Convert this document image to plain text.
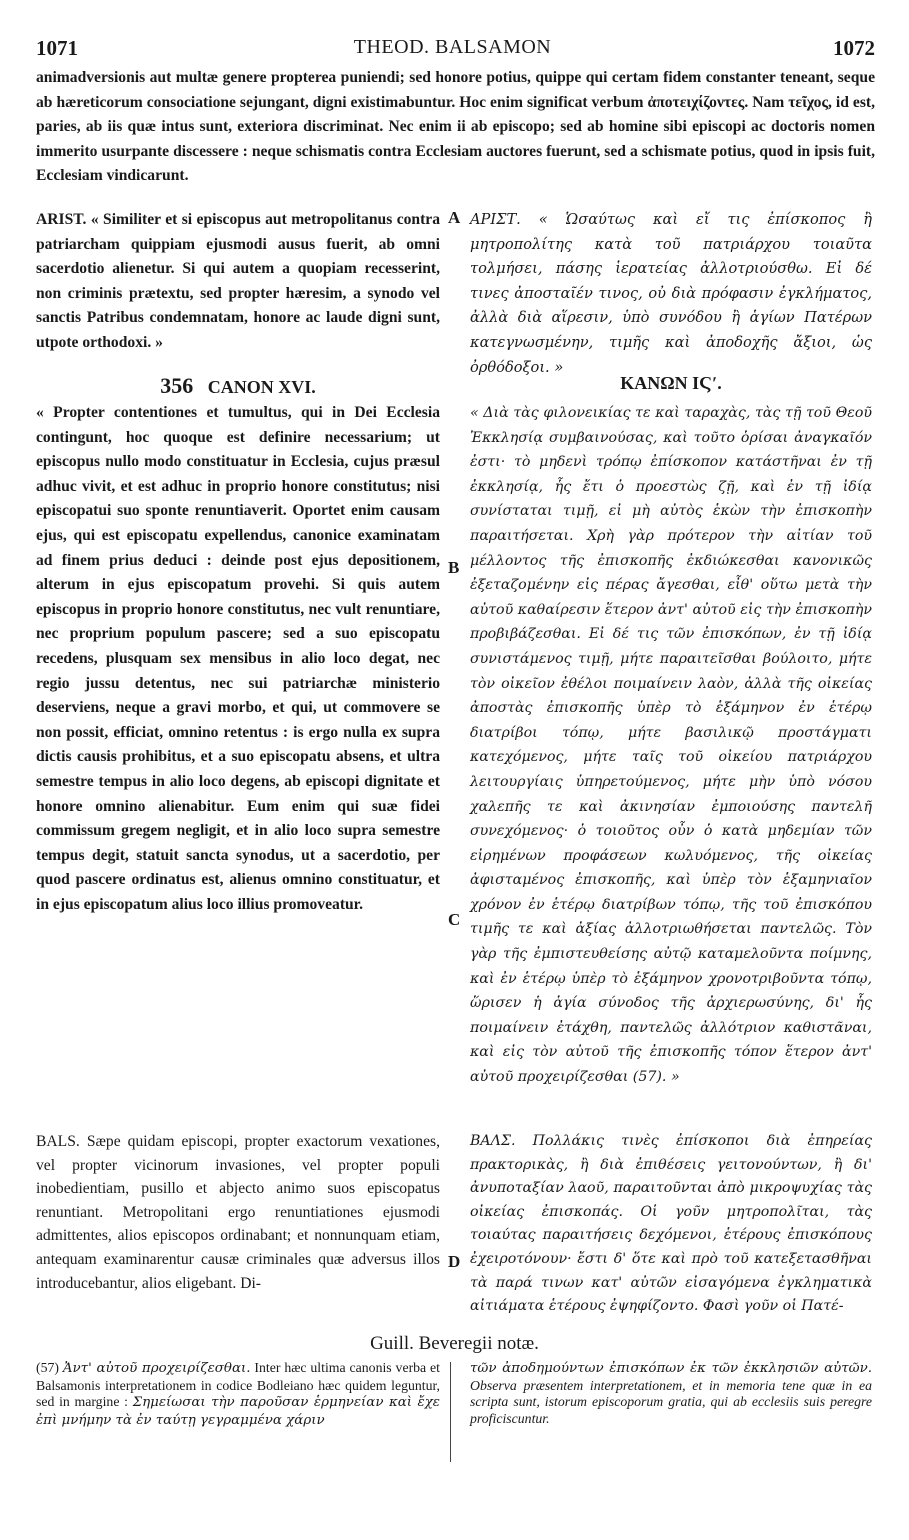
1071	THEOD. BALSAMON	1072
animadversionis aut multæ genere propterea puniendi; sed honore potius, quippe qui certam fidem constanter teneant, seque ab hæreticorum consociatione sejungant, digni existimabuntur. Hoc enim significat verbum ἀποτειχίζοντες. Nam τεῖχος, id est, paries, ab iis quæ intus sunt, exteriora discriminat. Nec enim ii ab episcopo; sed ab homine sibi episcopi ac doctoris nomen immerito usurpante discessere : neque schismatis contra Ecclesiam auctores fuerunt, sed a schismate potius, quod in ipsis fuit, Ecclesiam vindicarunt.

ARIST. « Similiter et si episcopus aut metropolitanus contra patriarcham quippiam ejusmodi ausus fuerit, ab omni sacerdotio alienetur. Si qui autem a quopiam recesserint, non criminis prætextu, sed propter hæresim, a synodo vel sanctis Patribus condemnatam, honore ac laude digni sunt, utpote orthodoxi. »

ΑΡΙΣΤ. « Ὡσαύτως καὶ εἴ τις ἐπίσκοπος ἢ μητροπολίτης κατὰ τοῦ πατριάρχου τοιαῦτα τολμήσει, πάσης ἱερατείας ἀλλοτριούσθω. Εἰ δέ τινες ἀποσταῖέν τινος, οὐ διὰ πρόφασιν ἐγκλήματος, ἀλλὰ διὰ αἵρεσιν, ὑπὸ συνόδου ἢ ἁγίων Πατέρων κατεγνωσμένην, τιμῆς καὶ ἀποδοχῆς ἄξιοι, ὡς ὀρθόδοξοι. »

A
356 CANON XVI.	ΚΑΝΩΝ ΙϚʹ.

« Propter contentiones et tumultus, qui in Dei Ecclesia contingunt, hoc quoque est definire necessarium; ut episcopus nullo modo constituatur in Ecclesia, cujus præsul adhuc vivit, et est adhuc in proprio honore constitutus; nisi episcopatui suo sponte renuntiaverit. Oportet enim causam ejus, qui est episcopatu expellendus, canonice examinatam ad finem prius deduci : deinde post ejus depositionem, alterum in ejus episcopatum provehi. Si quis autem episcopus in proprio honore constitutus, nec vult renuntiare, nec proprium populum pascere; sed a suo episcopatu recedens, plusquam sex mensibus in alio loco degat, nec regio jussu detentus, nec sui patriarchæ ministerio deserviens, neque a gravi morbo, et qui, ut commovere se non possit, efficiat, omnino retentus : is ergo nulla ex supra dictis causis prohibitus, et a suo episcopatu absens, et ultra semestre tempus in alio loco degens, ab episcopi dignitate et honore omnino alienabitur. Eum enim qui suæ fidei commissum gregem negligit, et in alio loco supra semestre tempus degit, statuit sancta synodus, ut a sacerdotio, per quod pascere ordinatus est, alienus omnino constituatur, et in ejus episcopatum alius loco illius promoveatur.

« Διὰ τὰς φιλονεικίας τε καὶ ταραχὰς, τὰς τῇ τοῦ Θεοῦ Ἐκκλησίᾳ συμβαινούσας, καὶ τοῦτο ὁρίσαι ἀναγκαῖόν ἐστι· τὸ μηδενὶ τρόπῳ ἐπίσκοπον κατάστῆναι ἐν τῇ ἐκκλησίᾳ, ἧς ἔτι ὁ προεστὼς ζῇ, καὶ ἐν τῇ ἰδίᾳ συνίσταται τιμῇ, εἰ μὴ αὐτὸς ἑκὼν τὴν ἐπισκοπὴν παραιτήσεται. Χρὴ γὰρ πρότερον τὴν αἰτίαν τοῦ μέλλοντος τῆς ἐπισκοπῆς ἐκδιώκεσθαι κανονικῶς ἐξεταζομένην εἰς πέρας ἄγεσθαι, εἶθ' οὕτω μετὰ τὴν αὐτοῦ καθαίρεσιν ἕτερον ἀντ' αὐτοῦ εἰς τὴν ἐπισκοπὴν προβιβάζεσθαι. Εἰ δέ τις τῶν ἐπισκόπων, ἐν τῇ ἰδίᾳ συνιστάμενος τιμῇ, μήτε παραιτεῖσθαι βούλοιτο, μήτε τὸν οἰκεῖον ἐθέλοι ποιμαίνειν λαὸν, ἀλλὰ τῆς οἰκείας ἀποστὰς ἐπισκοπῆς ὑπὲρ τὸ ἑξάμηνον ἐν ἑτέρῳ διατρίβοι τόπῳ, μήτε βασιλικῷ προστάγματι κατεχόμενος, μήτε ταῖς τοῦ οἰκείου πατριάρχου λειτουργίαις ὑπηρετούμενος, μήτε μὴν ὑπὸ νόσου χαλεπῆς τε καὶ ἀκινησίαν ἐμποιούσης παντελῆ συνεχόμενος· ὁ τοιοῦτος οὖν ὁ κατὰ μηδεμίαν τῶν εἰρημένων προφάσεων κωλυόμενος, τῆς οἰκείας ἀφισταμένος ἐπισκοπῆς, καὶ ὑπὲρ τὸν ἑξαμηνιαῖον χρόνον ἐν ἑτέρῳ διατρίβων τόπῳ, τῆς τοῦ ἐπισκόπου τιμῆς τε καὶ ἀξίας ἀλλοτριωθήσεται παντελῶς. Τὸν γὰρ τῆς ἐμπιστευθείσης αὐτῷ καταμελοῦντα ποίμνης, καὶ ἐν ἑτέρῳ ὑπὲρ τὸ ἑξάμηνον χρονοτριβοῦντα τόπῳ, ὥρισεν ἡ ἁγία σύνοδος τῆς ἀρχιερωσύνης, δι' ἧς ποιμαίνειν ἐτάχθη, παντελῶς ἀλλότριον καθιστᾶναι, καὶ εἰς τὸν αὐτοῦ τῆς ἐπισκοπῆς τόπον ἕτερον ἀντ' αὐτοῦ προχειρίζεσθαι (57). »

B
C

BALS. Sæpe quidam episcopi, propter exactorum vexationes, vel propter vicinorum invasiones, vel propter populi inobedientiam, pusillo et abjecto animo suos episcopatus renuntiant. Metropolitani ergo renuntiationes ejusmodi admittentes, alios episcopos ordinabant; et nonnunquam etiam, antequam examinarentur causæ criminales quæ adversus illos introducebantur, alios eligebant. Di-

ΒΑΛΣ. Πολλάκις τινὲς ἐπίσκοποι διὰ ἐπηρείας πρακτορικὰς, ἢ διὰ ἐπιθέσεις γειτονούντων, ἢ δι' ἀνυποταξίαν λαοῦ, παραιτοῦνται ἀπὸ μικροψυχίας τὰς οἰκείας ἐπισκοπάς. Οἱ γοῦν μητροπολῖται, τὰς τοιαύτας παραιτήσεις δεχόμενοι, ἑτέρους ἐπισκόπους ἐχειροτόνουν· ἔστι δ' ὅτε καὶ πρὸ τοῦ κατεξετασθῆναι τὰ παρά τινων κατ' αὐτῶν εἰσαγόμενα ἐγκληματικὰ αἰτιάματα ἑτέρους ἐψηφίζοντο. Φασὶ γοῦν οἱ Πατέ-

D
Guill. Beveregii notæ.
(57) Ἀντ' αὐτοῦ προχειρίζεσθαι. Inter hæc ultima canonis verba et Balsamonis interpretationem in codice Bodleiano hæc quidem leguntur, sed in margine : Σημείωσαι τὴν παροῦσαν ἑρμηνείαν καὶ ἔχε ἐπὶ μνήμην τὰ ἐν ταύτῃ γεγραμμένα χάριν
τῶν ἀποδημούντων ἐπισκόπων ἐκ τῶν ἐκκλησιῶν αὐτῶν. Observa præsentem interpretationem, et in memoria tene quæ in ea scripta sunt, istorum episcoporum gratia, qui ab ecclesiis suis peregre proficiscuntur.
